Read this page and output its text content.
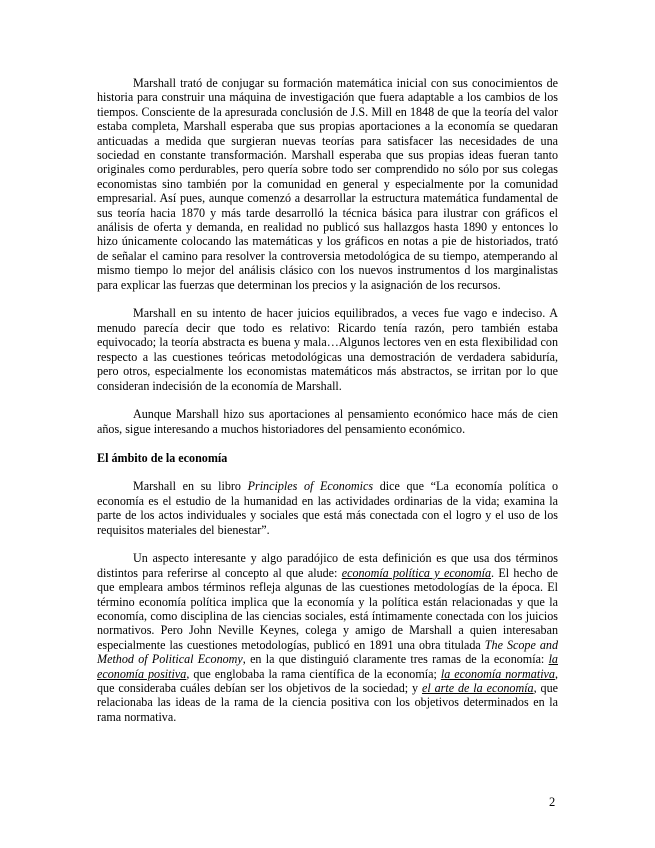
Marshall trató de conjugar su formación matemática inicial con sus conocimientos de historia para construir una máquina de investigación que fuera adaptable a los cambios de los tiempos. Consciente de la apresurada conclusión de J.S. Mill en 1848 de que la teoría del valor estaba completa, Marshall esperaba que sus propias aportaciones a la economía se quedaran anticuadas a medida que surgieran nuevas teorías para satisfacer las necesidades de una sociedad en constante transformación. Marshall esperaba que sus propias ideas fueran tanto originales como perdurables, pero quería sobre todo ser comprendido no sólo por sus colegas economistas sino también por la comunidad en general y especialmente por la comunidad empresarial. Así pues, aunque comenzó a desarrollar la estructura matemática fundamental de sus teoría hacia 1870 y más tarde desarrolló la técnica básica para ilustrar con gráficos el análisis de oferta y demanda, en realidad no publicó sus hallazgos hasta 1890 y entonces lo hizo únicamente colocando las matemáticas y los gráficos en notas a pie de historiados, trató de señalar el camino para resolver la controversia metodológica de su tiempo, atemperando al mismo tiempo lo mejor del análisis clásico con los nuevos instrumentos d los marginalistas para explicar las fuerzas que determinan los precios y la asignación de los recursos.

Marshall en su intento de hacer juicios equilibrados, a veces fue vago e indeciso. A menudo parecía decir que todo es relativo: Ricardo tenía razón, pero también estaba equivocado; la teoría abstracta es buena y mala…Algunos lectores ven en esta flexibilidad con respecto a las cuestiones teóricas metodológicas una demostración de verdadera sabiduría, pero otros, especialmente los economistas matemáticos más abstractos, se irritan por lo que consideran indecisión de la economía de Marshall.

Aunque Marshall hizo sus aportaciones al pensamiento económico hace más de cien años, sigue interesando a muchos historiadores del pensamiento económico.

El ámbito de la economía

Marshall en su libro Principles of Economics dice que “La economía política o economía es el estudio de la humanidad en las actividades ordinarias de la vida; examina la parte de los actos individuales y sociales que está más conectada con el logro y el uso de los requisitos materiales del bienestar”.

Un aspecto interesante y algo paradójico de esta definición es que usa dos términos distintos para referirse al concepto al que alude: economía política y economía. El hecho de que empleara ambos términos refleja algunas de las cuestiones metodologías de la época. El término economía política implica que la economía y la política están relacionadas y que la economía, como disciplina de las ciencias sociales, está íntimamente conectada con los juicios normativos. Pero John Neville Keynes, colega y amigo de Marshall a quien interesaban especialmente las cuestiones metodologías, publicó en 1891 una obra titulada The Scope and Method of Political Economy, en la que distinguió claramente tres ramas de la economía: la economía positiva, que englobaba la rama científica de la economía; la economía normativa, que consideraba cuáles debían ser los objetivos de la sociedad; y el arte de la economía, que relacionaba las ideas de la rama de la ciencia positiva con los objetivos determinados en la rama normativa.

2
